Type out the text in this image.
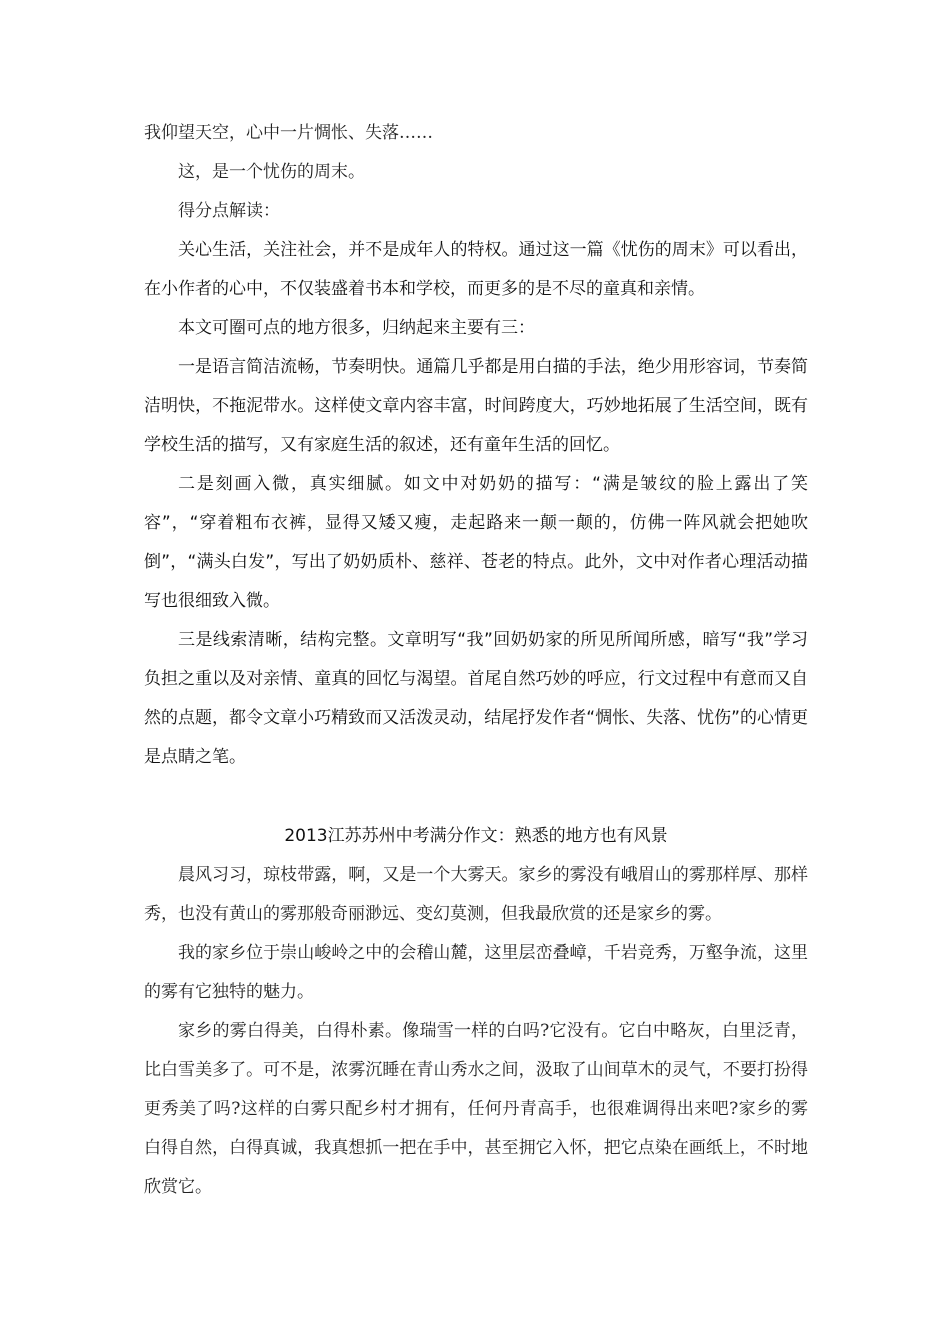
我仰望天空，心中一片惆怅、失落……

这，是一个忧伤的周末。

得分点解读：

关心生活，关注社会，并不是成年人的特权。通过这一篇《忧伤的周末》可以看出，在小作者的心中，不仅装盛着书本和学校，而更多的是不尽的童真和亲情。

本文可圈可点的地方很多，归纳起来主要有三：

一是语言简洁流畅，节奏明快。通篇几乎都是用白描的手法，绝少用形容词，节奏简洁明快，不拖泥带水。这样使文章内容丰富，时间跨度大，巧妙地拓展了生活空间，既有学校生活的描写，又有家庭生活的叙述，还有童年生活的回忆。

二是刻画入微，真实细腻。如文中对奶奶的描写：“满是皱纹的脸上露出了笑容”，“穿着粗布衣裤，显得又矮又瘦，走起路来一颠一颠的，仿佛一阵风就会把她吹倒”，“满头白发”，写出了奶奶质朴、慈祥、苍老的特点。此外，文中对作者心理活动描写也很细致入微。

三是线索清晰，结构完整。文章明写“我”回奶奶家的所见所闻所感，暗写“我”学习负担之重以及对亲情、童真的回忆与渴望。首尾自然巧妙的呼应，行文过程中有意而又自然的点题，都令文章小巧精致而又活泼灵动，结尾抒发作者“惆怅、失落、忧伤”的心情更是点睛之笔。

2013江苏苏州中考满分作文：熟悉的地方也有风景

晨风习习，琼枝带露，啊，又是一个大雾天。家乡的雾没有峨眉山的雾那样厚、那样秀，也没有黄山的雾那般奇丽渺远、变幻莫测，但我最欣赏的还是家乡的雾。

我的家乡位于崇山峻岭之中的会稽山麓，这里层峦叠嶂，千岩竞秀，万壑争流，这里的雾有它独特的魅力。

家乡的雾白得美，白得朴素。像瑞雪一样的白吗?它没有。它白中略灰，白里泛青，比白雪美多了。可不是，浓雾沉睡在青山秀水之间，汲取了山间草木的灵气，不要打扮得更秀美了吗?这样的白雾只配乡村才拥有，任何丹青高手，也很难调得出来吧?家乡的雾白得自然，白得真诚，我真想抓一把在手中，甚至拥它入怀，把它点染在画纸上，不时地欣赏它。
